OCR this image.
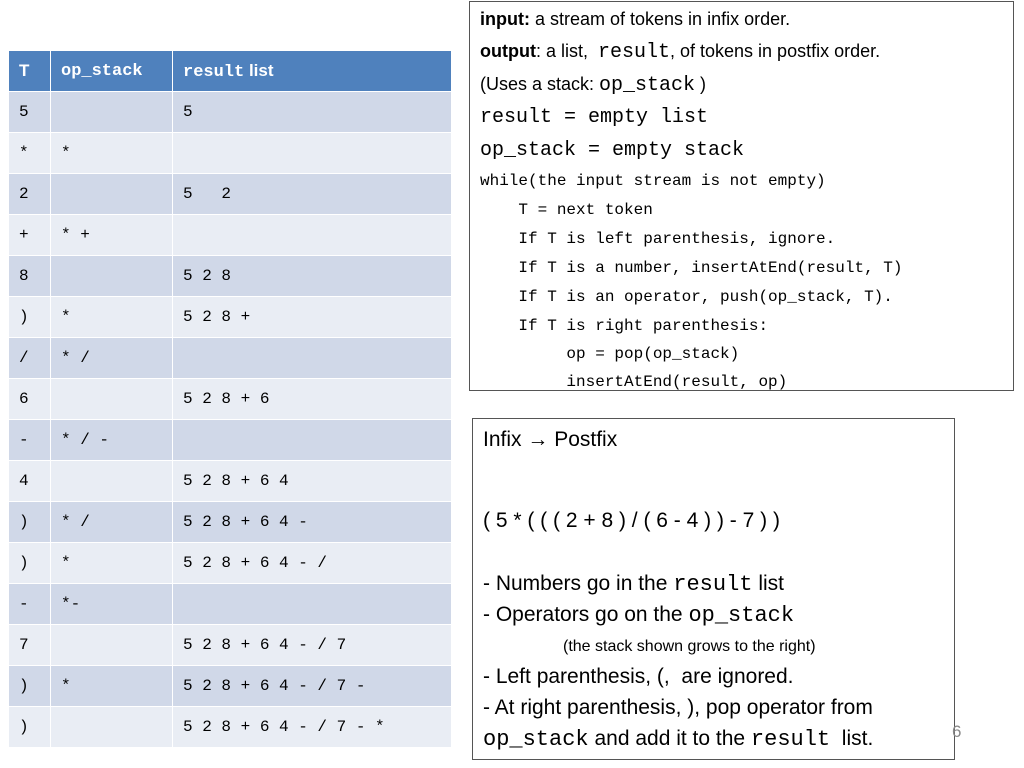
T	op_stack	result list
5		5
*	*	
2		5   2
+	* +	
8		5 2 8
)	*	5 2 8 +
/	* /	
6		5 2 8 + 6
-	* / -	
4		5 2 8 + 6 4
)	* /	5 2 8 + 6 4 -
)	*	5 2 8 + 6 4 - /
-	*-	
7		5 2 8 + 6 4 - / 7
)	*	5 2 8 + 6 4 - / 7 -
)		5 2 8 + 6 4 - / 7 - *
input: a stream of tokens in infix order.
output: a list,  result, of tokens in postfix order.
(Uses a stack: op_stack )
result = empty list
op_stack = empty stack
while(the input stream is not empty)
T = next token
If T is left parenthesis, ignore.
If T is a number, insertAtEnd(result, T)
If T is an operator, push(op_stack, T).
If T is right parenthesis:
op = pop(op_stack)
insertAtEnd(result, op)
Infix → Postfix
( 5 * ( ( ( 2 + 8 ) / ( 6 - 4 ) ) - 7 ) )
- Numbers go in the result list
- Operators go on the op_stack
(the stack shown grows to the right)
- Left parenthesis, (,  are ignored.
- At right parenthesis, ), pop operator from
op_stack and add it to the result  list.	6
